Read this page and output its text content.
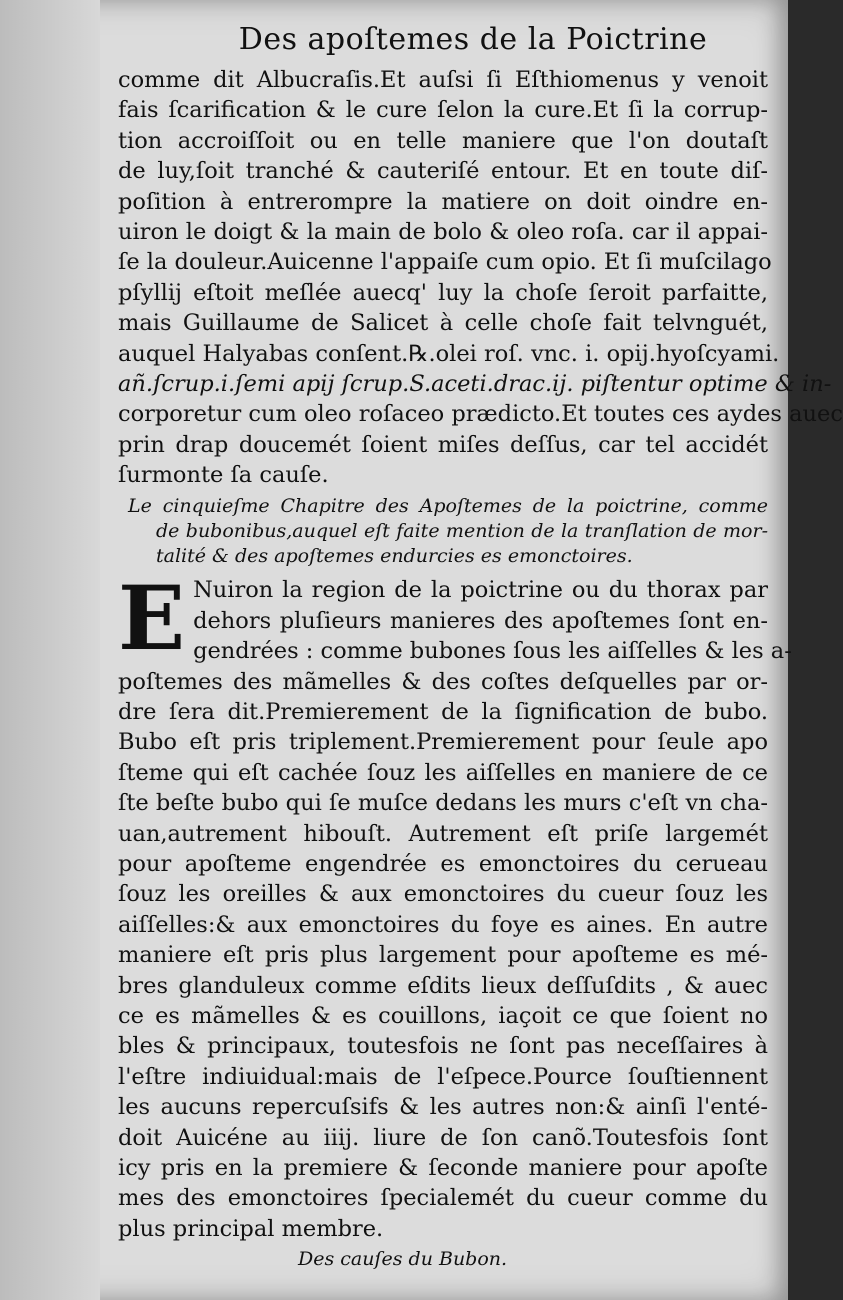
Des apoſtemes de la Poictrine
comme dit Albucraſis.Et auſsi ſi Eſthiomenus y venoit
fais ſcarification & le cure ſelon la cure.Et ſi la corrup-
tion accroiſſoit ou en telle maniere que l'on doutaſt
de luy,ſoit tranché & cauteriſé entour. Et en toute diſ-
poſition à entrerompre la matiere on doit oindre en-
uiron le doigt & la main de bolo & oleo roſa. car il appai-
ſe la douleur.Auicenne l'appaiſe cum opio. Et ſi muſcilago
pſyllij eſtoit meſlée auecq' luy la choſe ſeroit parfaitte,
mais Guillaume de Salicet à celle choſe fait telvnguét,
auquel Halyabas conſent.℞.olei roſ. vnc. i. opij.hyoſcyami.
añ.ſcrup.i.ſemi apij ſcrup.S.aceti.drac.ij. piſtentur optime & in-
corporetur cum oleo roſaceo prædicto.Et toutes ces aydes auec
prin drap doucemét ſoient miſes deſſus, car tel accidét
ſurmonte ſa cauſe.
Le cinquieſme Chapitre des Apoſtemes de la poictrine, comme
de bubonibus,auquel eſt faite mention de la tranſlation de mor-
talité & des apoſtemes endurcies es emonctoires.
E Nuiron la region de la poictrine ou du thorax par
dehors pluſieurs manieres des apoſtemes ſont en-
gendrées : comme bubones ſous les aiſſelles & les a-
poſtemes des mãmelles & des coſtes deſquelles par or-
dre ſera dit.Premierement de la ſignification de bubo.
Bubo eſt pris triplement.Premierement pour ſeule apo
ſteme qui eſt cachée ſouz les aiſſelles en maniere de ce
ſte beſte bubo qui ſe muſce dedans les murs c'eſt vn cha-
uan,autrement hibouſt. Autrement eſt priſe largemét
pour apoſteme engendrée es emonctoires du cerueau
ſouz les oreilles & aux emonctoires du cueur ſouz les
aiſſelles:& aux emonctoires du foye es aines. En autre
maniere eſt pris plus largement pour apoſteme es mé-
bres glanduleux comme eſdits lieux deſſuſdits , & auec
ce es mãmelles & es couillons, iaçoit ce que ſoient no
bles & principaux, toutesfois ne ſont pas neceſſaires à
l'eſtre indiuidual:mais de l'eſpece.Pource ſouſtiennent
les aucuns repercuſsifs & les autres non:& ainſi l'enté-
doit Auicéne au iiij. liure de ſon canõ.Toutesfois ſont
icy pris en la premiere & ſeconde maniere pour apoſte
mes des emonctoires ſpecialemét du cueur comme du
plus principal membre.
Des cauſes du Bubon.
